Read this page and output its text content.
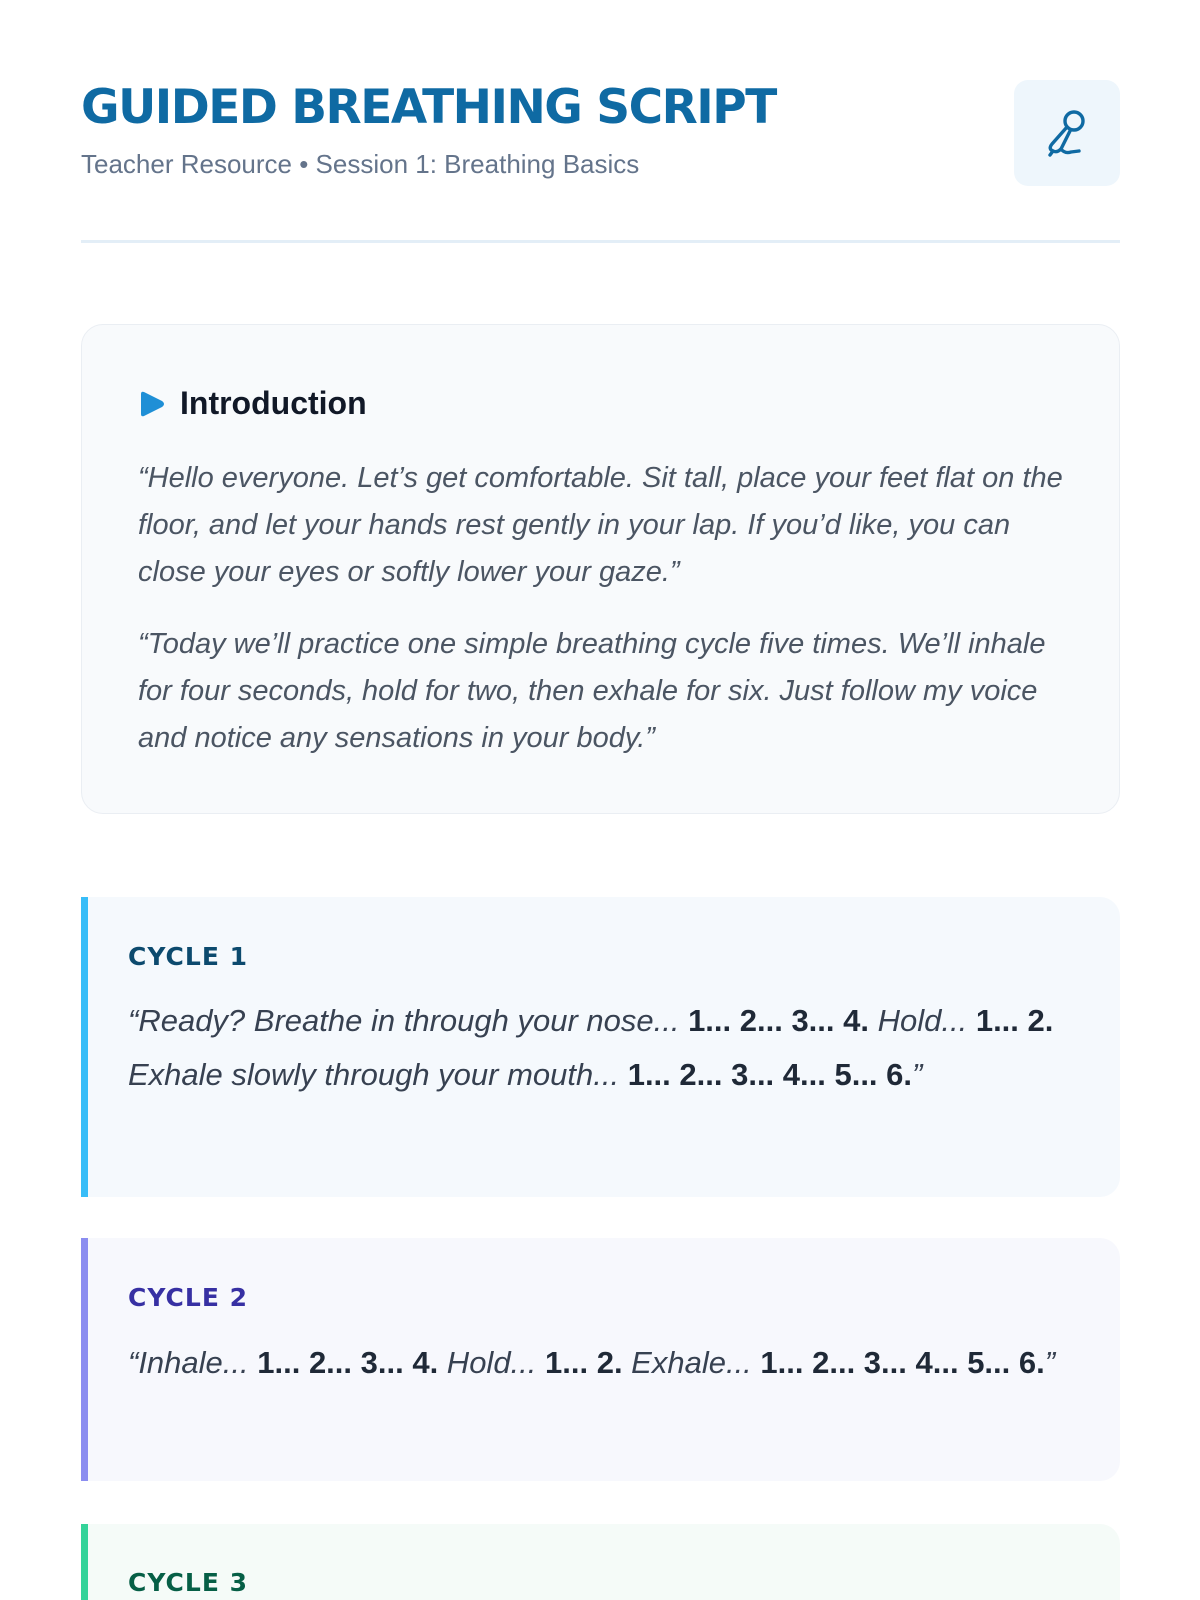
GUIDED BREATHING SCRIPT
Teacher Resource • Session 1: Breathing Basics
Introduction

“Hello everyone. Let’s get comfortable. Sit tall, place your feet flat on the floor, and let your hands rest gently in your lap. If you’d like, you can close your eyes or softly lower your gaze.”

“Today we’ll practice one simple breathing cycle five times. We’ll inhale for four seconds, hold for two, then exhale for six. Just follow my voice and notice any sensations in your body.”

CYCLE 1

“Ready? Breathe in through your nose... 1... 2... 3... 4. Hold... 1... 2. Exhale slowly through your mouth... 1... 2... 3... 4... 5... 6.”

CYCLE 2

“Inhale... 1... 2... 3... 4. Hold... 1... 2. Exhale... 1... 2... 3... 4... 5... 6.”

CYCLE 3
